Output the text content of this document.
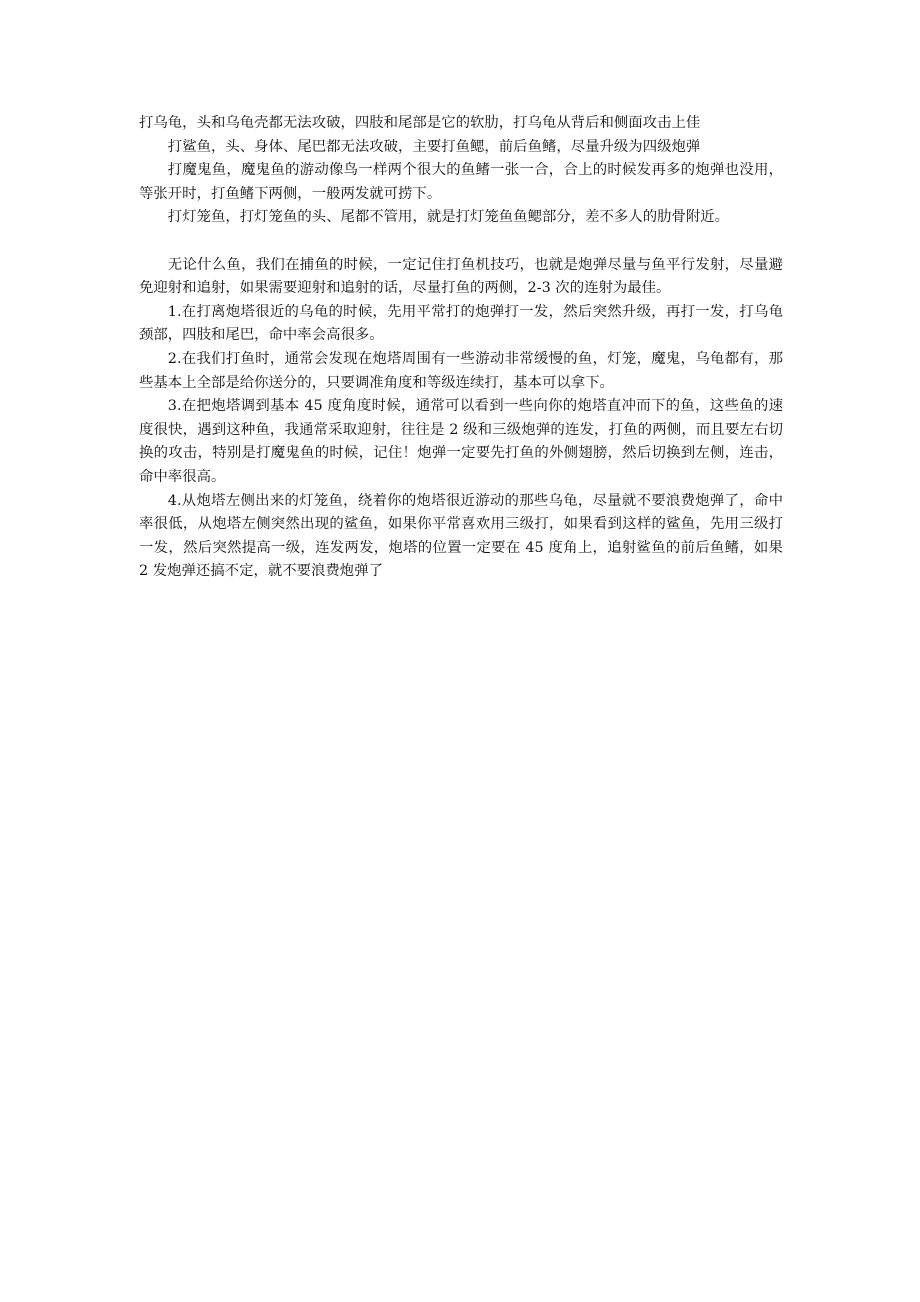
打乌龟，头和乌龟壳都无法攻破，四肢和尾部是它的软肋，打乌龟从背后和侧面攻击上佳

打鲨鱼，头、身体、尾巴都无法攻破，主要打鱼鳃，前后鱼鳍，尽量升级为四级炮弹

打魔鬼鱼，魔鬼鱼的游动像鸟一样两个很大的鱼鳍一张一合，合上的时候发再多的炮弹也没用，等张开时，打鱼鳍下两侧，一般两发就可捞下。

打灯笼鱼，打灯笼鱼的头、尾都不管用，就是打灯笼鱼鱼鳃部分，差不多人的肋骨附近。

无论什么鱼，我们在捕鱼的时候，一定记住打鱼机技巧，也就是炮弹尽量与鱼平行发射，尽量避免迎射和追射，如果需要迎射和追射的话，尽量打鱼的两侧，2-3 次的连射为最佳。

1.在打离炮塔很近的乌龟的时候，先用平常打的炮弹打一发，然后突然升级，再打一发，打乌龟颈部，四肢和尾巴，命中率会高很多。

2.在我们打鱼时，通常会发现在炮塔周围有一些游动非常缓慢的鱼，灯笼，魔鬼，乌龟都有，那些基本上全部是给你送分的，只要调准角度和等级连续打，基本可以拿下。

3.在把炮塔调到基本 45 度角度时候，通常可以看到一些向你的炮塔直冲而下的鱼，这些鱼的速度很快，遇到这种鱼，我通常采取迎射，往往是 2 级和三级炮弹的连发，打鱼的两侧，而且要左右切换的攻击，特别是打魔鬼鱼的时候，记住！炮弹一定要先打鱼的外侧翅膀，然后切换到左侧，连击，命中率很高。

4.从炮塔左侧出来的灯笼鱼，绕着你的炮塔很近游动的那些乌龟，尽量就不要浪费炮弹了，命中率很低，从炮塔左侧突然出现的鲨鱼，如果你平常喜欢用三级打，如果看到这样的鲨鱼，先用三级打一发，然后突然提高一级，连发两发，炮塔的位置一定要在 45 度角上，追射鲨鱼的前后鱼鳍，如果 2 发炮弹还搞不定，就不要浪费炮弹了
